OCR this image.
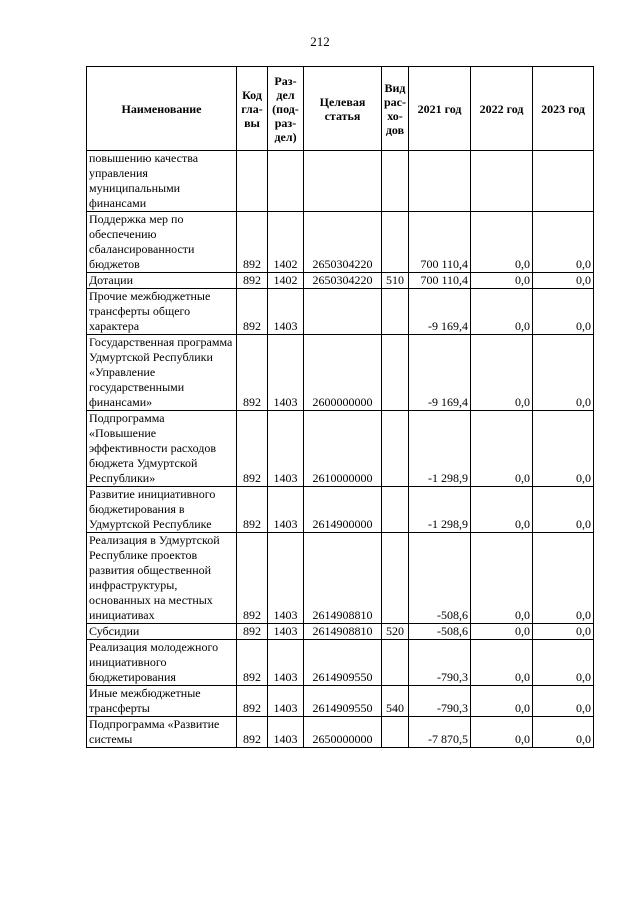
212
Наименование	Код гла- вы	Раз- дел (под- раз- дел)	Целевая статья	Вид рас- хо- дов	2021 год	2022 год	2023 год
повышению качества управления муниципальными финансами							
Поддержка мер по обеспечению сбалансированности бюджетов	892	1402	2650304220		700 110,4	0,0	0,0
Дотации	892	1402	2650304220	510	700 110,4	0,0	0,0
Прочие межбюджетные трансферты общего характера	892	1403			-9 169,4	0,0	0,0
Государственная программа Удмуртской Республики «Управление государственными финансами»	892	1403	2600000000		-9 169,4	0,0	0,0
Подпрограмма «Повышение эффективности расходов бюджета Удмуртской Республики»	892	1403	2610000000		-1 298,9	0,0	0,0
Развитие инициативного бюджетирования в Удмуртской Республике	892	1403	2614900000		-1 298,9	0,0	0,0
Реализация в Удмуртской Республике проектов развития общественной инфраструктуры, основанных на местных инициативах	892	1403	2614908810		-508,6	0,0	0,0
Субсидии	892	1403	2614908810	520	-508,6	0,0	0,0
Реализация молодежного инициативного бюджетирования	892	1403	2614909550		-790,3	0,0	0,0
Иные межбюджетные трансферты	892	1403	2614909550	540	-790,3	0,0	0,0
Подпрограмма «Развитие системы	892	1403	2650000000		-7 870,5	0,0	0,0
